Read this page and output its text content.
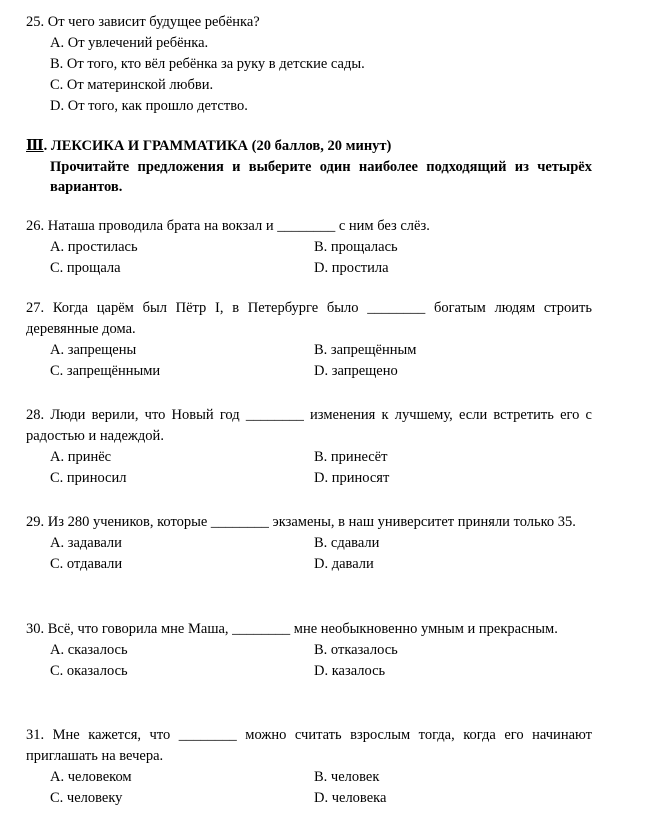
25. От чего зависит будущее ребёнка?
A. От увлечений ребёнка.
B. От того, кто вёл ребёнка за руку в детские сады.
C. От материнской любви.
D. От того, как прошло детство.
Ⅲ. ЛЕКСИКА И ГРАММАТИКА (20 баллов, 20 минут)
Прочитайте предложения и выберите один наиболее подходящий из четырёх вариантов.
26. Наташа проводила брата на вокзал и ________ с ним без слёз.
A. простилась	B. прощалась
C. прощала	D. простила
27. Когда царём был Пётр I, в Петербурге было ________ богатым людям строить деревянные дома.
A. запрещены	B. запрещённым
C. запрещёнными	D. запрещено
28. Люди верили, что Новый год ________ изменения к лучшему, если встретить его с радостью и надеждой.
A. принёс	B. принесёт
C. приносил	D. приносят
29. Из 280 учеников, которые ________ экзамены, в наш университет приняли только 35.
A. задавали	B. сдавали
C. отдавали	D. давали
30. Всё, что говорила мне Маша, ________ мне необыкновенно умным и прекрасным.
A. сказалось	B. отказалось
C. оказалось	D. казалось
31. Мне кажется, что ________ можно считать взрослым тогда, когда его начинают приглашать на вечера.
A. человеком	B. человек
C. человеку	D. человека
